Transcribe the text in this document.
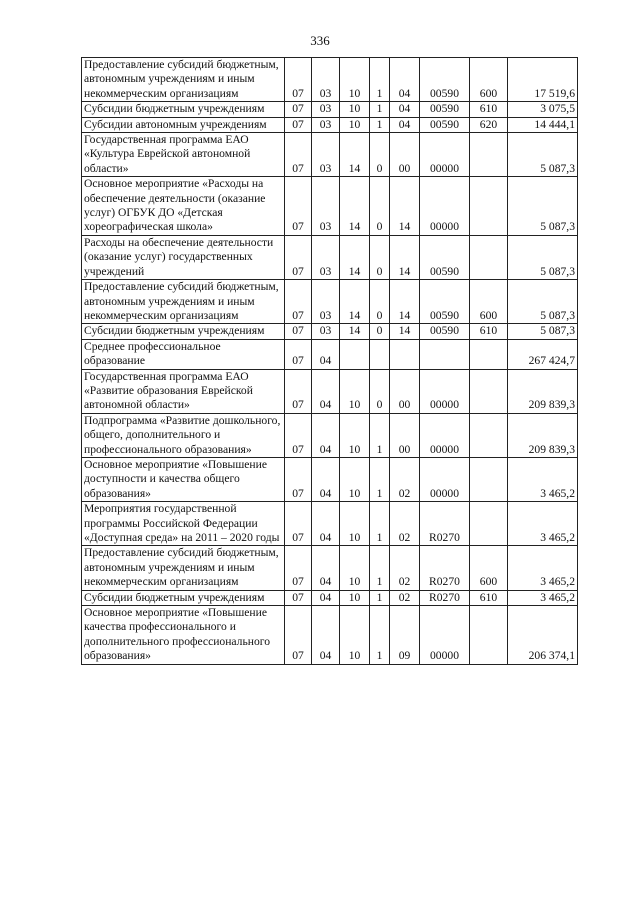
336
Предоставление субсидий бюджетным, автономным учреждениям и иным некоммерческим организациям	07	03	10	1	04	00590	600	17 519,6
Субсидии бюджетным учреждениям	07	03	10	1	04	00590	610	3 075,5
Субсидии автономным учреждениям	07	03	10	1	04	00590	620	14 444,1
Государственная программа ЕАО «Культура Еврейской автономной области»	07	03	14	0	00	00000		5 087,3
Основное мероприятие «Расходы на обеспечение деятельности (оказание услуг) ОГБУК ДО «Детская хореографическая школа»	07	03	14	0	14	00000		5 087,3
Расходы на обеспечение деятельности (оказание услуг) государственных учреждений	07	03	14	0	14	00590		5 087,3
Предоставление субсидий бюджетным, автономным учреждениям и иным некоммерческим организациям	07	03	14	0	14	00590	600	5 087,3
Субсидии бюджетным учреждениям	07	03	14	0	14	00590	610	5 087,3
Среднее профессиональное образование	07	04						267 424,7
Государственная программа ЕАО «Развитие образования Еврейской автономной области»	07	04	10	0	00	00000		209 839,3
Подпрограмма «Развитие дошкольного, общего, дополнительного и профессионального образования»	07	04	10	1	00	00000		209 839,3
Основное мероприятие «Повышение доступности и качества общего образования»	07	04	10	1	02	00000		3 465,2
Мероприятия государственной программы Российской Федерации «Доступная среда» на 2011 – 2020 годы	07	04	10	1	02	R0270		3 465,2
Предоставление субсидий бюджетным, автономным учреждениям и иным некоммерческим организациям	07	04	10	1	02	R0270	600	3 465,2
Субсидии бюджетным учреждениям	07	04	10	1	02	R0270	610	3 465,2
Основное мероприятие «Повышение качества профессионального и дополнительного профессионального образования»	07	04	10	1	09	00000		206 374,1
